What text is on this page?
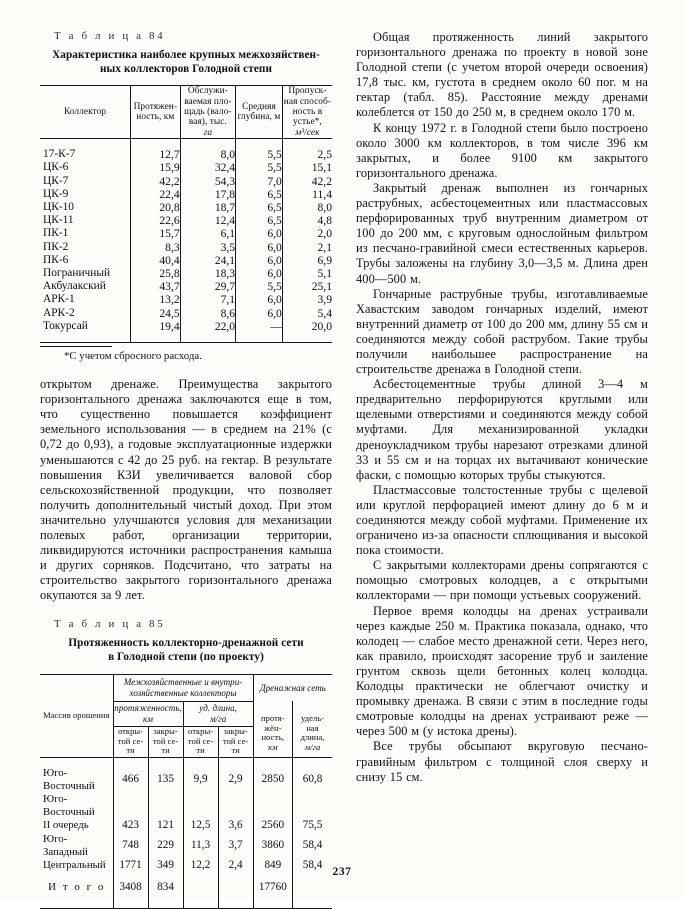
Т а б л и ц а 84
Характеристика наиболее крупных межхозяйствен-
ных коллекторов Голодной степи
Коллектор	
Протяжен-
ность, км

Обслужи-
ваемая пло-
щадь (вало-
вая), тыс.
га

Средняя
глубина, м

Пропуск-
ная способ-
ность в
устье*,
м³/сек

17-К-7	12,7	8,0	5,5	2,5
ЦК-6	15,9	32,4	5,5	15,1
ЦК-7	42,2	54,3	7,0	42,2
ЦК-9	22,4	17,8	6,5	11,4
ЦК-10	20,8	18,7	6,5	8,0
ЦК-11	22,6	12,4	6,5	4,8
ПК-1	15,7	6,1	6,0	2,0
ПК-2	8,3	3,5	6,0	2,1
ПК-6	40,4	24,1	6,0	6,9
Пограничный	25,8	18,3	6,0	5,1
Акбулакский	43,7	29,7	5,5	25,1
АРК-1	13,2	7,1	6,0	3,9
АРК-2	24,5	8,6	6,0	5,4
Токурсай	19,4	22,0	—	20,0

*С учетом сбросного расхода.

открытом дренаже. Преимущества закрытого горизонтального дренажа заключаются еще в том, что существенно повышается коэффициент земельного использования — в среднем на 21% (с 0,72 до 0,93), а годовые эксплуатационные издержки уменьшаются с 42 до 25 руб. на гектар. В результате повышения КЗИ увеличивается валовой сбор сельскохозяйственной продукции, что позволяет получить дополнительный чистый доход. При этом значительно улучшаются условия для механизации полевых работ, организации территории, ликвидируются источники распространения камыша и других сорняков. Подсчитано, что затраты на строительство закрытого горизонтального дренажа окупаются за 9 лет.

Т а б л и ц а 85
Протяженность коллекторно-дренажной сети
в Голодной степи (по проекту)
Массив орошения	Межхозяйственные и внутри-
хозяйственные коллекторы				Дренажная сеть	

протяженность,
км

уд. длина,
м/га	протя-
жён-
ность,
км

удель-
ная
длина,
м/га

откры-
той се-
ти

закры-
той се-
ти

откры-
той се-
ти

закры-
той се-
ти

Юго-Восточный	466	135	9,9	2,9	2850	60,8
Юго-Восточный						
II очередь	423	121	12,5	3,6	2560	75,5
Юго-Западный	748	229	11,3	3,7	3860	58,4
Центральный	1771	349	12,2	2,4	849	58,4

И т о г о	3408	834			17760	

Общая протяженность линий закрытого горизонтального дренажа по проекту в новой зоне Голодной степи (с учетом второй очереди освоения) 17,8 тыс. км, густота в среднем около 60 пог. м на гектар (табл. 85). Расстояние между дренами колеблется от 150 до 250 м, в среднем около 170 м.

К концу 1972 г. в Голодной степи было построено около 3000 км коллекторов, в том числе 396 км закрытых, и более 9100 км закрытого горизонтального дренажа.

Закрытый дренаж выполнен из гончарных раструбных, асбестоцементных или пластмассовых перфорированных труб внутренним диаметром от 100 до 200 мм, с круговым однослойным фильтром из песчано-гравийной смеси естественных карьеров. Трубы заложены на глубину 3,0—3,5 м. Длина дрен 400—500 м.

Гончарные раструбные трубы, изготавливаемые Хавастским заводом гончарных изделий, имеют внутренний диаметр от 100 до 200 мм, длину 55 см и соединяются между собой раструбом. Такие трубы получили наибольшее распространение на строительстве дренажа в Голодной степи.

Асбестоцементные трубы длиной 3—4 м предварительно перфорируются круглыми или щелевыми отверстиями и соединяются между собой муфтами. Для механизированной укладки дреноукладчиком трубы нарезают отрезками длиной 33 и 55 см и на торцах их вытачивают конические фаски, с помощью которых трубы стыкуются.

Пластмассовые толстостенные трубы с щелевой или круглой перфорацией имеют длину до 6 м и соединяются между собой муфтами. Применение их ограничено из-за опасности сплющивания и высокой пока стоимости.

С закрытыми коллекторами дрены сопрягаются с помощью смотровых колодцев, а с открытыми коллекторами — при помощи устьевых сооружений.

Первое время колодцы на дренах устраивали через каждые 250 м. Практика показала, однако, что колодец — слабое место дренажной сети. Через него, как правило, происходят засорение труб и заиление грунтом сквозь щели бетонных колец колодца. Колодцы практически не облегчают очистку и промывку дренажа. В связи с этим в последние годы смотровые колодцы на дренах устраивают реже — через 500 м (у истока дрены).

Все трубы обсыпают вкруговую песчано-гравийным фильтром с толщиной слоя сверху и снизу 15 см.

237
